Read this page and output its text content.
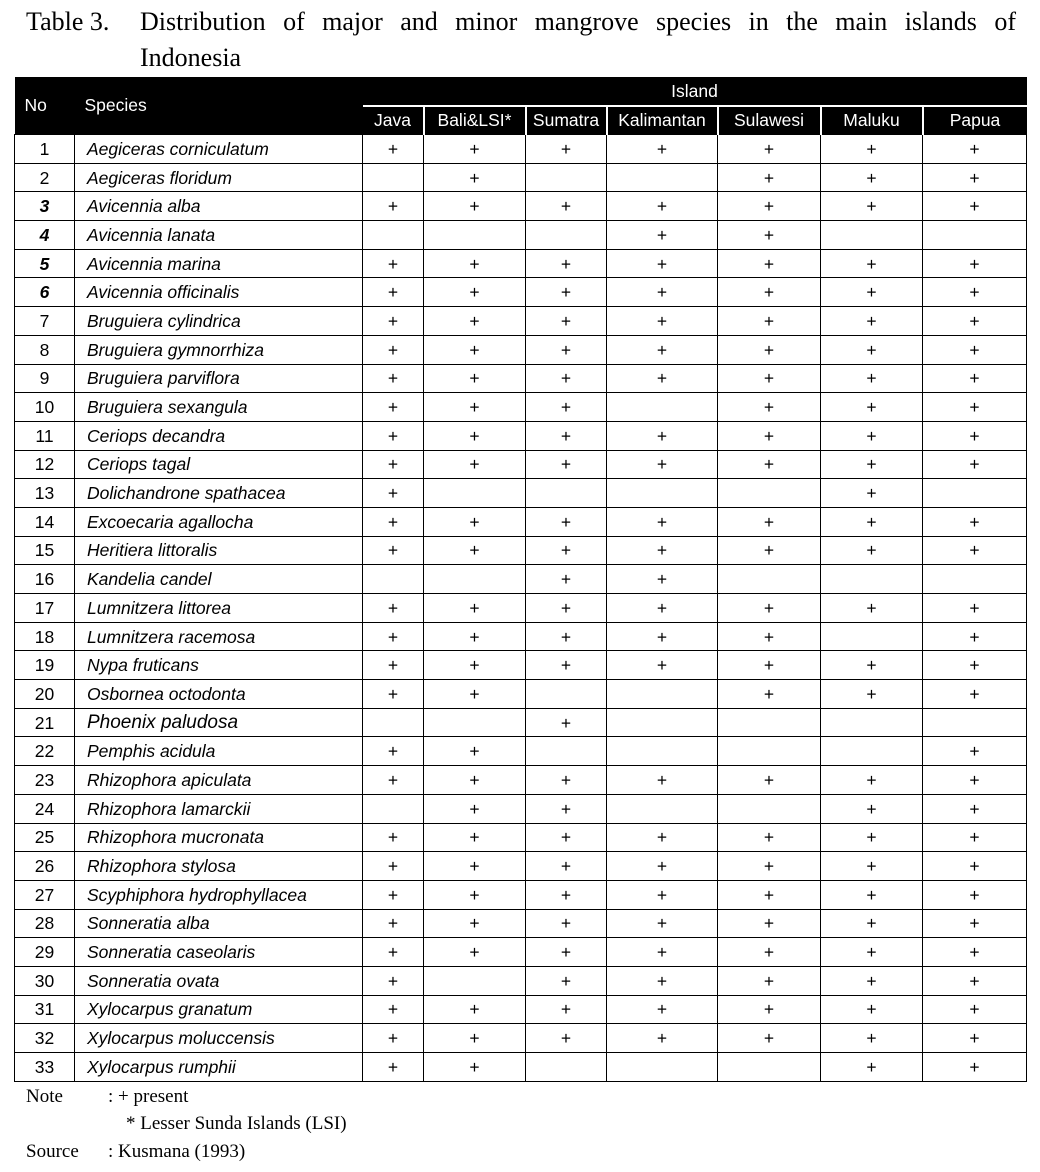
Table 3. Distribution of major and minor mangrove species in the main islands of
Indonesia
No	Species	Island						
		Java	Bali&LSI*	Sumatra	Kalimantan	Sulawesi	Maluku	Papua
1	Aegiceras corniculatum	+	+	+	+	+	+	+
2	Aegiceras floridum		+			+	+	+
3	Avicennia alba	+	+	+	+	+	+	+
4	Avicennia lanata				+	+		
5	Avicennia marina	+	+	+	+	+	+	+
6	Avicennia officinalis	+	+	+	+	+	+	+
7	Bruguiera cylindrica	+	+	+	+	+	+	+
8	Bruguiera gymnorrhiza	+	+	+	+	+	+	+
9	Bruguiera parviflora	+	+	+	+	+	+	+
10	Bruguiera sexangula	+	+	+		+	+	+
11	Ceriops decandra	+	+	+	+	+	+	+
12	Ceriops tagal	+	+	+	+	+	+	+
13	Dolichandrone spathacea	+					+	
14	Excoecaria agallocha	+	+	+	+	+	+	+
15	Heritiera littoralis	+	+	+	+	+	+	+
16	Kandelia candel			+	+			
17	Lumnitzera littorea	+	+	+	+	+	+	+
18	Lumnitzera racemosa	+	+	+	+	+		+
19	Nypa fruticans	+	+	+	+	+	+	+
20	Osbornea octodonta	+	+			+	+	+
21	Phoenix paludosa			+				
22	Pemphis acidula	+	+					+
23	Rhizophora apiculata	+	+	+	+	+	+	+
24	Rhizophora lamarckii		+	+			+	+
25	Rhizophora mucronata	+	+	+	+	+	+	+
26	Rhizophora stylosa	+	+	+	+	+	+	+
27	Scyphiphora hydrophyllacea	+	+	+	+	+	+	+
28	Sonneratia alba	+	+	+	+	+	+	+
29	Sonneratia caseolaris	+	+	+	+	+	+	+
30	Sonneratia ovata	+		+	+	+	+	+
31	Xylocarpus granatum	+	+	+	+	+	+	+
32	Xylocarpus moluccensis	+	+	+	+	+	+	+
33	Xylocarpus rumphii	+	+				+	+
Note : + present
* Lesser Sunda Islands (LSI)
Source : Kusmana (1993)
